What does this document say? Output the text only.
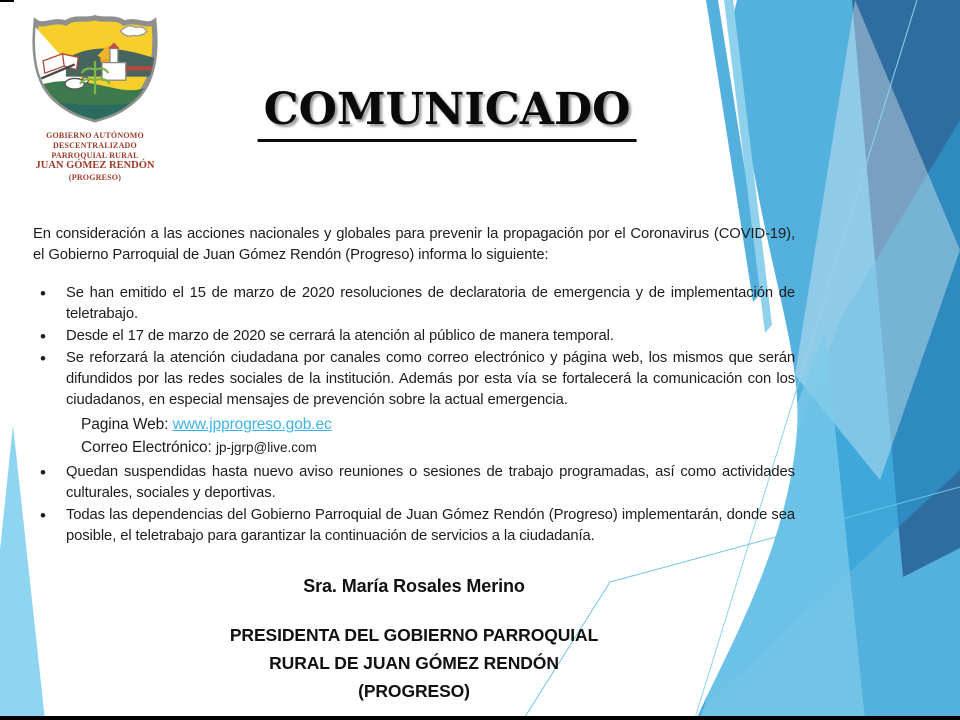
GOBIERNO AUTÓNOMO DESCENTRALIZADO
PARROQUIAL RURAL
JUAN GÓMEZ RENDÓN
(PROGRESO)
COMUNICADO

En consideración a las acciones nacionales y globales para prevenir la propagación por el Coronavirus (COVID-19), el Gobierno Parroquial de Juan Gómez Rendón (Progreso) informa lo siguiente:

• Se han emitido el 15 de marzo de 2020 resoluciones de declaratoria de emergencia y de implementación de teletrabajo.
• Desde el 17 de marzo de 2020 se cerrará la atención al público de manera temporal.
• Se reforzará la atención ciudadana por canales como correo electrónico y página web, los mismos que serán difundidos por las redes sociales de la institución. Además por esta vía se fortalecerá la comunicación con los ciudadanos, en especial mensajes de prevención sobre la actual emergencia.
Pagina Web: www.jpprogreso.gob.ec
Correo Electrónico: jp-jgrp@live.com
• Quedan suspendidas hasta nuevo aviso reuniones o sesiones de trabajo programadas, así como actividades culturales, sociales y deportivas.
• Todas las dependencias del Gobierno Parroquial de Juan Gómez Rendón (Progreso) implementarán, donde sea posible, el teletrabajo para garantizar la continuación de servicios a la ciudadanía.

Sra. María Rosales Merino

PRESIDENTA DEL GOBIERNO PARROQUIAL
RURAL DE JUAN GÓMEZ RENDÓN
(PROGRESO)
